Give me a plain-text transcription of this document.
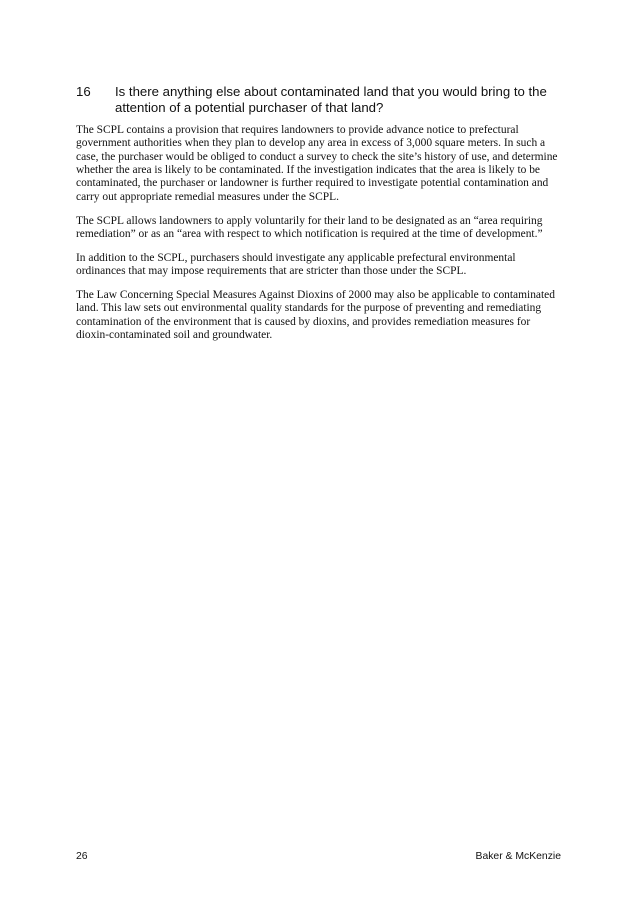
16	Is there anything else about contaminated land that you would bring to the attention of a potential purchaser of that land?

The SCPL contains a provision that requires landowners to provide advance notice to prefectural government authorities when they plan to develop any area in excess of 3,000 square meters. In such a case, the purchaser would be obliged to conduct a survey to check the site’s history of use, and determine whether the area is likely to be contaminated. If the investigation indicates that the area is likely to be contaminated, the purchaser or landowner is further required to investigate potential contamination and carry out appropriate remedial measures under the SCPL.

The SCPL allows landowners to apply voluntarily for their land to be designated as an “area requiring remediation” or as an “area with respect to which notification is required at the time of development.”

In addition to the SCPL, purchasers should investigate any applicable prefectural environmental ordinances that may impose requirements that are stricter than those under the SCPL.

The Law Concerning Special Measures Against Dioxins of 2000 may also be applicable to contaminated land. This law sets out environmental quality standards for the purpose of preventing and remediating contamination of the environment that is caused by dioxins, and provides remediation measures for dioxin-contaminated soil and groundwater.

26	Baker & McKenzie
